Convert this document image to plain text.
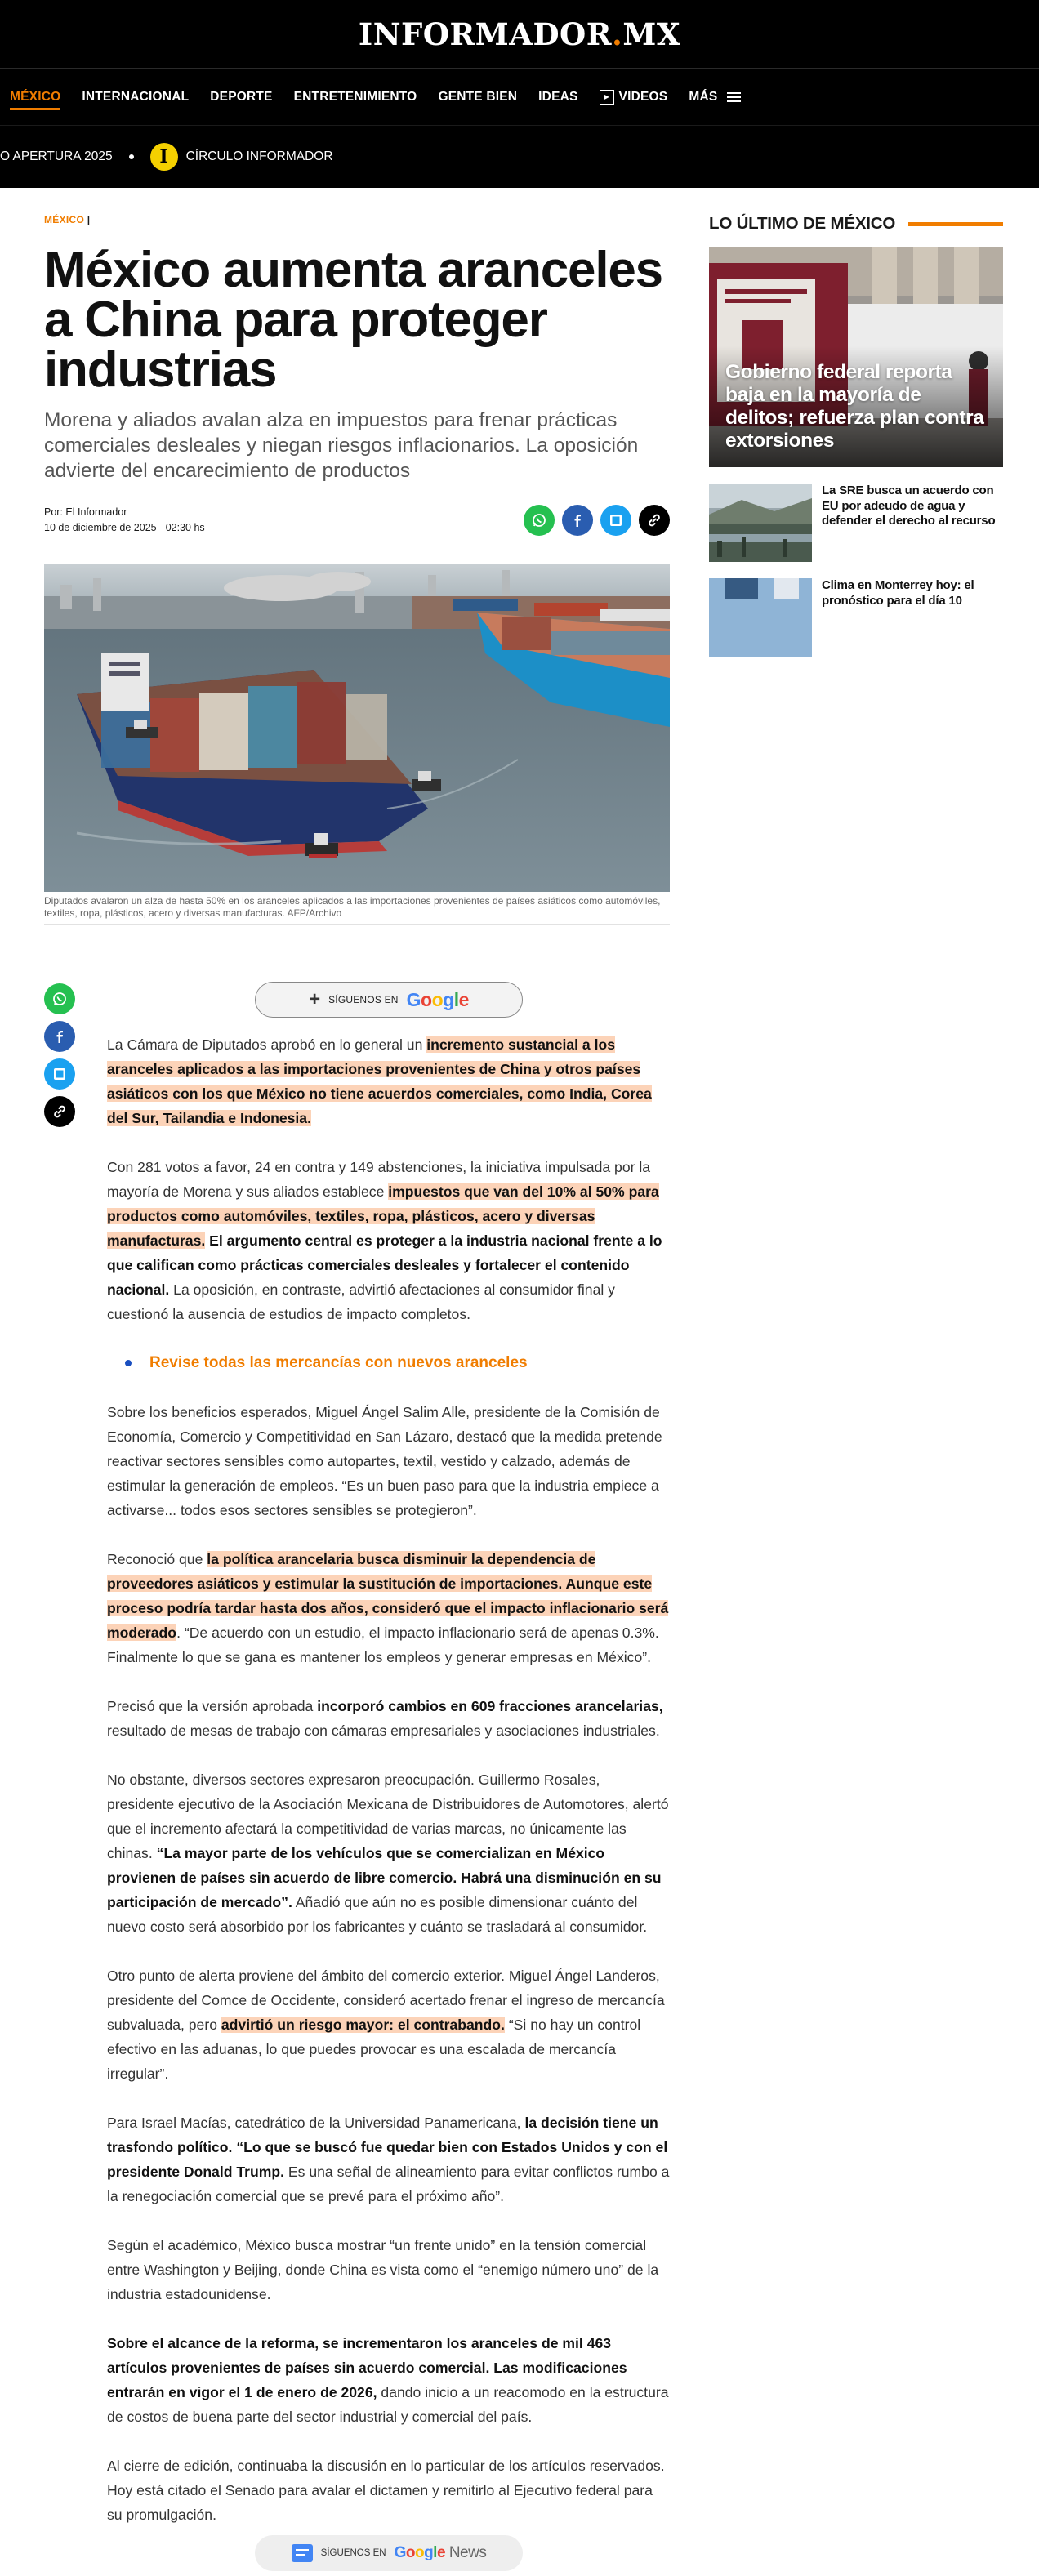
INFORMADOR.MX
MÉXICO INTERNACIONAL DEPORTE ENTRETENIMIENTO GENTE BIEN IDEAS	▶ VIDEOS MÁS
O APERTURA 2025	I	CÍRCULO INFORMADOR
MÉXICO |
México aumenta aranceles a China para proteger industrias

Morena y aliados avalan alza en impuestos para frenar prácticas comerciales desleales y niegan riesgos inflacionarios. La oposición advierte del encarecimiento de productos

Por: El Informador
10 de diciembre de 2025 - 02:30 hs
Diputados avalaron un alza de hasta 50% en los aranceles aplicados a las importaciones provenientes de países asiáticos como automóviles, textiles, ropa, plásticos, acero y diversas manufacturas. AFP/Archivo
+ SÍGUENOS EN Google

La Cámara de Diputados aprobó en lo general un incremento sustancial a los aranceles aplicados a las importaciones provenientes de China y otros países asiáticos con los que México no tiene acuerdos comerciales, como India, Corea del Sur, Tailandia e Indonesia.

Con 281 votos a favor, 24 en contra y 149 abstenciones, la iniciativa impulsada por la mayoría de Morena y sus aliados establece impuestos que van del 10% al 50% para productos como automóviles, textiles, ropa, plásticos, acero y diversas manufacturas. El argumento central es proteger a la industria nacional frente a lo que califican como prácticas comerciales desleales y fortalecer el contenido nacional. La oposición, en contraste, advirtió afectaciones al consumidor final y cuestionó la ausencia de estudios de impacto completos.

Revise todas las mercancías con nuevos aranceles

Sobre los beneficios esperados, Miguel Ángel Salim Alle, presidente de la Comisión de Economía, Comercio y Competitividad en San Lázaro, destacó que la medida pretende reactivar sectores sensibles como autopartes, textil, vestido y calzado, además de estimular la generación de empleos. “Es un buen paso para que la industria empiece a activarse... todos esos sectores sensibles se protegieron”.

Reconoció que la política arancelaria busca disminuir la dependencia de proveedores asiáticos y estimular la sustitución de importaciones. Aunque este proceso podría tardar hasta dos años, consideró que el impacto inflacionario será moderado. “De acuerdo con un estudio, el impacto inflacionario será de apenas 0.3%. Finalmente lo que se gana es mantener los empleos y generar empresas en México”.

Precisó que la versión aprobada incorporó cambios en 609 fracciones arancelarias, resultado de mesas de trabajo con cámaras empresariales y asociaciones industriales.

No obstante, diversos sectores expresaron preocupación. Guillermo Rosales, presidente ejecutivo de la Asociación Mexicana de Distribuidores de Automotores, alertó que el incremento afectará la competitividad de varias marcas, no únicamente las chinas. “La mayor parte de los vehículos que se comercializan en México provienen de países sin acuerdo de libre comercio. Habrá una disminución en su participación de mercado”. Añadió que aún no es posible dimensionar cuánto del nuevo costo será absorbido por los fabricantes y cuánto se trasladará al consumidor.

Otro punto de alerta proviene del ámbito del comercio exterior. Miguel Ángel Landeros, presidente del Comce de Occidente, consideró acertado frenar el ingreso de mercancía subvaluada, pero advirtió un riesgo mayor: el contrabando. “Si no hay un control efectivo en las aduanas, lo que puedes provocar es una escalada de mercancía irregular”.

Para Israel Macías, catedrático de la Universidad Panamericana, la decisión tiene un trasfondo político. “Lo que se buscó fue quedar bien con Estados Unidos y con el presidente Donald Trump. Es una señal de alineamiento para evitar conflictos rumbo a la renegociación comercial que se prevé para el próximo año”.

Según el académico, México busca mostrar “un frente unido” en la tensión comercial entre Washington y Beijing, donde China es vista como el “enemigo número uno” de la industria estadounidense.

Sobre el alcance de la reforma, se incrementaron los aranceles de mil 463 artículos provenientes de países sin acuerdo comercial. Las modificaciones entrarán en vigor el 1 de enero de 2026, dando inicio a un reacomodo en la estructura de costos de buena parte del sector industrial y comercial del país.

Al cierre de edición, continuaba la discusión en lo particular de los artículos reservados. Hoy está citado el Senado para avalar el dictamen y remitirlo al Ejecutivo federal para su promulgación.

SÍGUENOS EN Google News
LO ÚLTIMO DE MÉXICO
Gobierno federal reporta baja en la mayoría de delitos; refuerza plan contra extorsiones
La SRE busca un acuerdo con EU por adeudo de agua y defender el derecho al recurso
Clima en Monterrey hoy: el pronóstico para el día 10
